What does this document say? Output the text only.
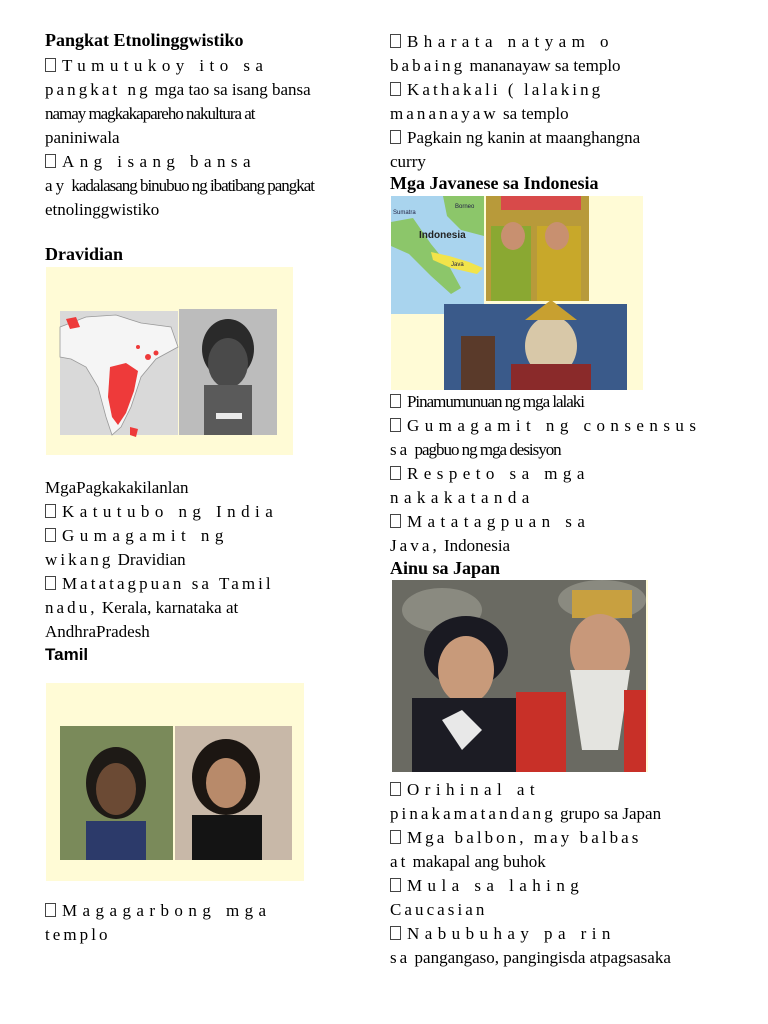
Pangkat Etnolinggwistiko
Tumutukoy ito sa
pangkat ng mga tao sa isang bansa
namay magkakapareho nakultura at
paniniwala
Ang isang bansa
ay kadalasang binubuo ng ibatibang pangkat
etnolinggwistiko
Dravidian
MgaPagkakakilanlan
Katutubo ng India
Gumagamit ng
wikang Dravidian
Matatagpuan sa Tamil
nadu, Kerala, karnataka at
AndhraPradesh
Tamil
Magagarbong mga
templo
Bharata natyam o
babaing mananayaw sa templo
Kathakali ( lalaking
mananayaw sa templo
Pagkain ng kanin at maanghangna
curry
Mga Javanese sa Indonesia
Indonesia
Borneo
Sumatra
Java
Pinamumunuan ng mga lalaki
Gumagamit ng consensus
sa pagbuo ng mga desisyon
Respeto sa mga
nakakatanda
Matatagpuan sa
Java, Indonesia
Ainu sa Japan
Orihinal at
pinakamatandang grupo sa Japan
Mga balbon, may balbas
at makapal ang buhok
Mula sa lahing
Caucasian
Nabubuhay pa rin
sa pangangaso, pangingisda atpagsasaka
